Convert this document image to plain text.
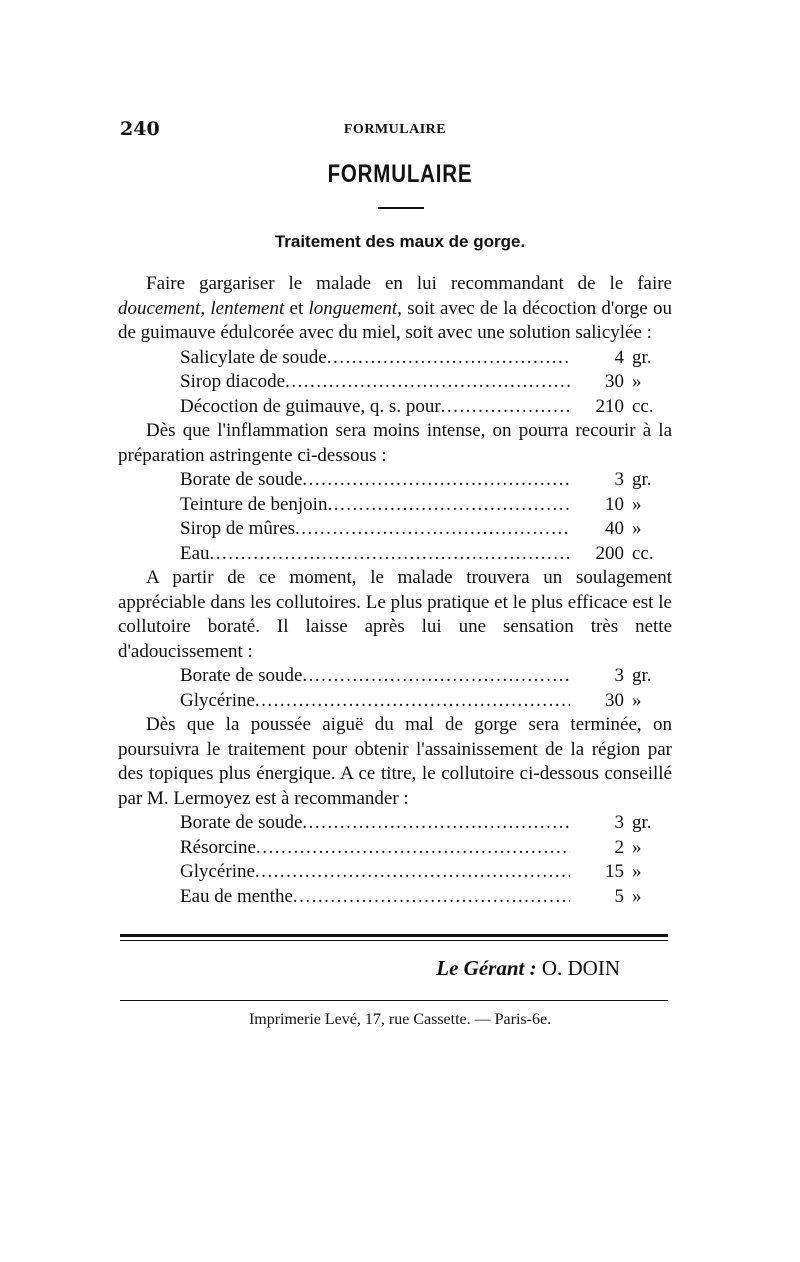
240	FORMULAIRE
FORMULAIRE
Traitement des maux de gorge.

Faire gargariser le malade en lui recommandant de le faire doucement, lentement et longuement, soit avec de la décoction d'orge ou de guimauve édulcorée avec du miel, soit avec une solution salicylée :

Salicylate de soude .....	4 gr.
Sirop diacode .....	30 »
Décoction de guimauve, q. s. pour .....	210 cc.

Dès que l'inflammation sera moins intense, on pourra recourir à la préparation astringente ci-dessous :

Borate de soude .....	3 gr.
Teinture de benjoin .....	10 »
Sirop de mûres .....	40 »
Eau .....	200 cc.

A partir de ce moment, le malade trouvera un soulagement appréciable dans les collutoires. Le plus pratique et le plus efficace est le collutoire boraté. Il laisse après lui une sensation très nette d'adoucissement :

Borate de soude .....	3 gr.
Glycérine .....	30 »

Dès que la poussée aiguë du mal de gorge sera terminée, on poursuivra le traitement pour obtenir l'assainissement de la région par des topiques plus énergique. A ce titre, le collutoire ci-dessous conseillé par M. Lermoyez est à recommander :

Borate de soude .....	3 gr.
Résorcine .....	2 »
Glycérine .....	15 »
Eau de menthe .....	5 »
Le Gérant : O. DOIN
Imprimerie Levé, 17, rue Cassette. — Paris-6e.
